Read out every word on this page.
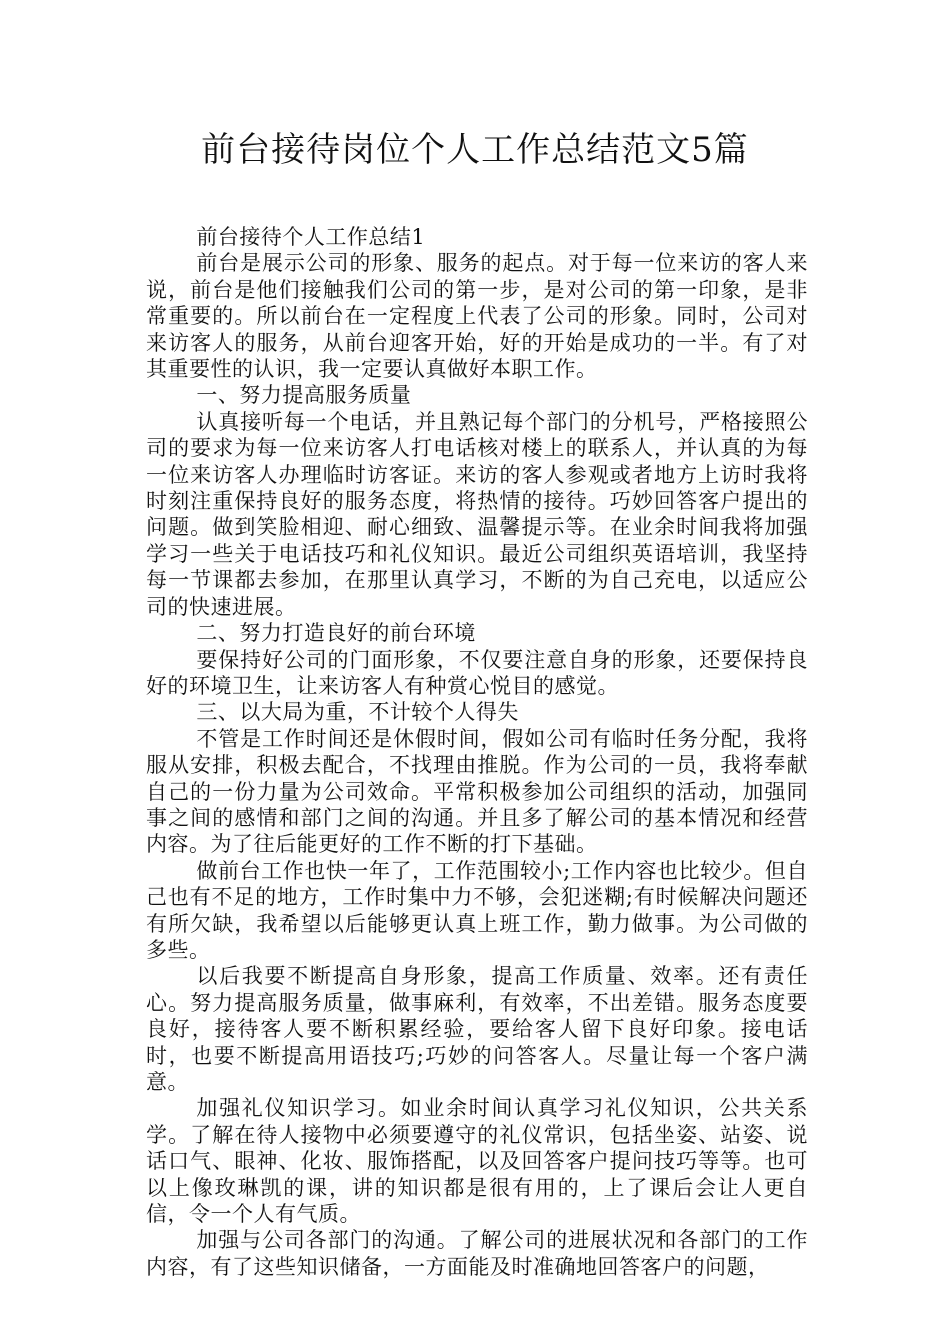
前台接待岗位个人工作总结范文5篇

前台接待个人工作总结1

前台是展示公司的形象、服务的起点。对于每一位来访的客人来说，前台是他们接触我们公司的第一步，是对公司的第一印象，是非常重要的。所以前台在一定程度上代表了公司的形象。同时，公司对来访客人的服务，从前台迎客开始，好的开始是成功的一半。有了对其重要性的认识，我一定要认真做好本职工作。

一、努力提高服务质量

认真接听每一个电话，并且熟记每个部门的分机号，严格接照公司的要求为每一位来访客人打电话核对楼上的联系人，并认真的为每一位来访客人办理临时访客证。来访的客人参观或者地方上访时我将时刻注重保持良好的服务态度，将热情的接待。巧妙回答客户提出的问题。做到笑脸相迎、耐心细致、温馨提示等。在业余时间我将加强学习一些关于电话技巧和礼仪知识。最近公司组织英语培训，我坚持每一节课都去参加，在那里认真学习，不断的为自己充电，以适应公司的快速进展。

二、努力打造良好的前台环境

要保持好公司的门面形象，不仅要注意自身的形象，还要保持良好的环境卫生，让来访客人有种赏心悦目的感觉。

三、以大局为重，不计较个人得失

不管是工作时间还是休假时间，假如公司有临时任务分配，我将服从安排，积极去配合，不找理由推脱。作为公司的一员，我将奉献自己的一份力量为公司效命。平常积极参加公司组织的活动，加强同事之间的感情和部门之间的沟通。并且多了解公司的基本情况和经营内容。为了往后能更好的工作不断的打下基础。

做前台工作也快一年了，工作范围较小;工作内容也比较少。但自己也有不足的地方，工作时集中力不够，会犯迷糊;有时候解决问题还有所欠缺，我希望以后能够更认真上班工作，勤力做事。为公司做的多些。

以后我要不断提高自身形象，提高工作质量、效率。还有责任心。努力提高服务质量，做事麻利，有效率，不出差错。服务态度要良好，接待客人要不断积累经验，要给客人留下良好印象。接电话时，也要不断提高用语技巧;巧妙的问答客人。尽量让每一个客户满意。

加强礼仪知识学习。如业余时间认真学习礼仪知识，公共关系学。了解在待人接物中必须要遵守的礼仪常识，包括坐姿、站姿、说话口气、眼神、化妆、服饰搭配，以及回答客户提问技巧等等。也可以上像玫琳凯的课，讲的知识都是很有用的，上了课后会让人更自信，令一个人有气质。

加强与公司各部门的沟通。了解公司的进展状况和各部门的工作内容，有了这些知识储备，一方面能及时准确地回答客户的问题，
